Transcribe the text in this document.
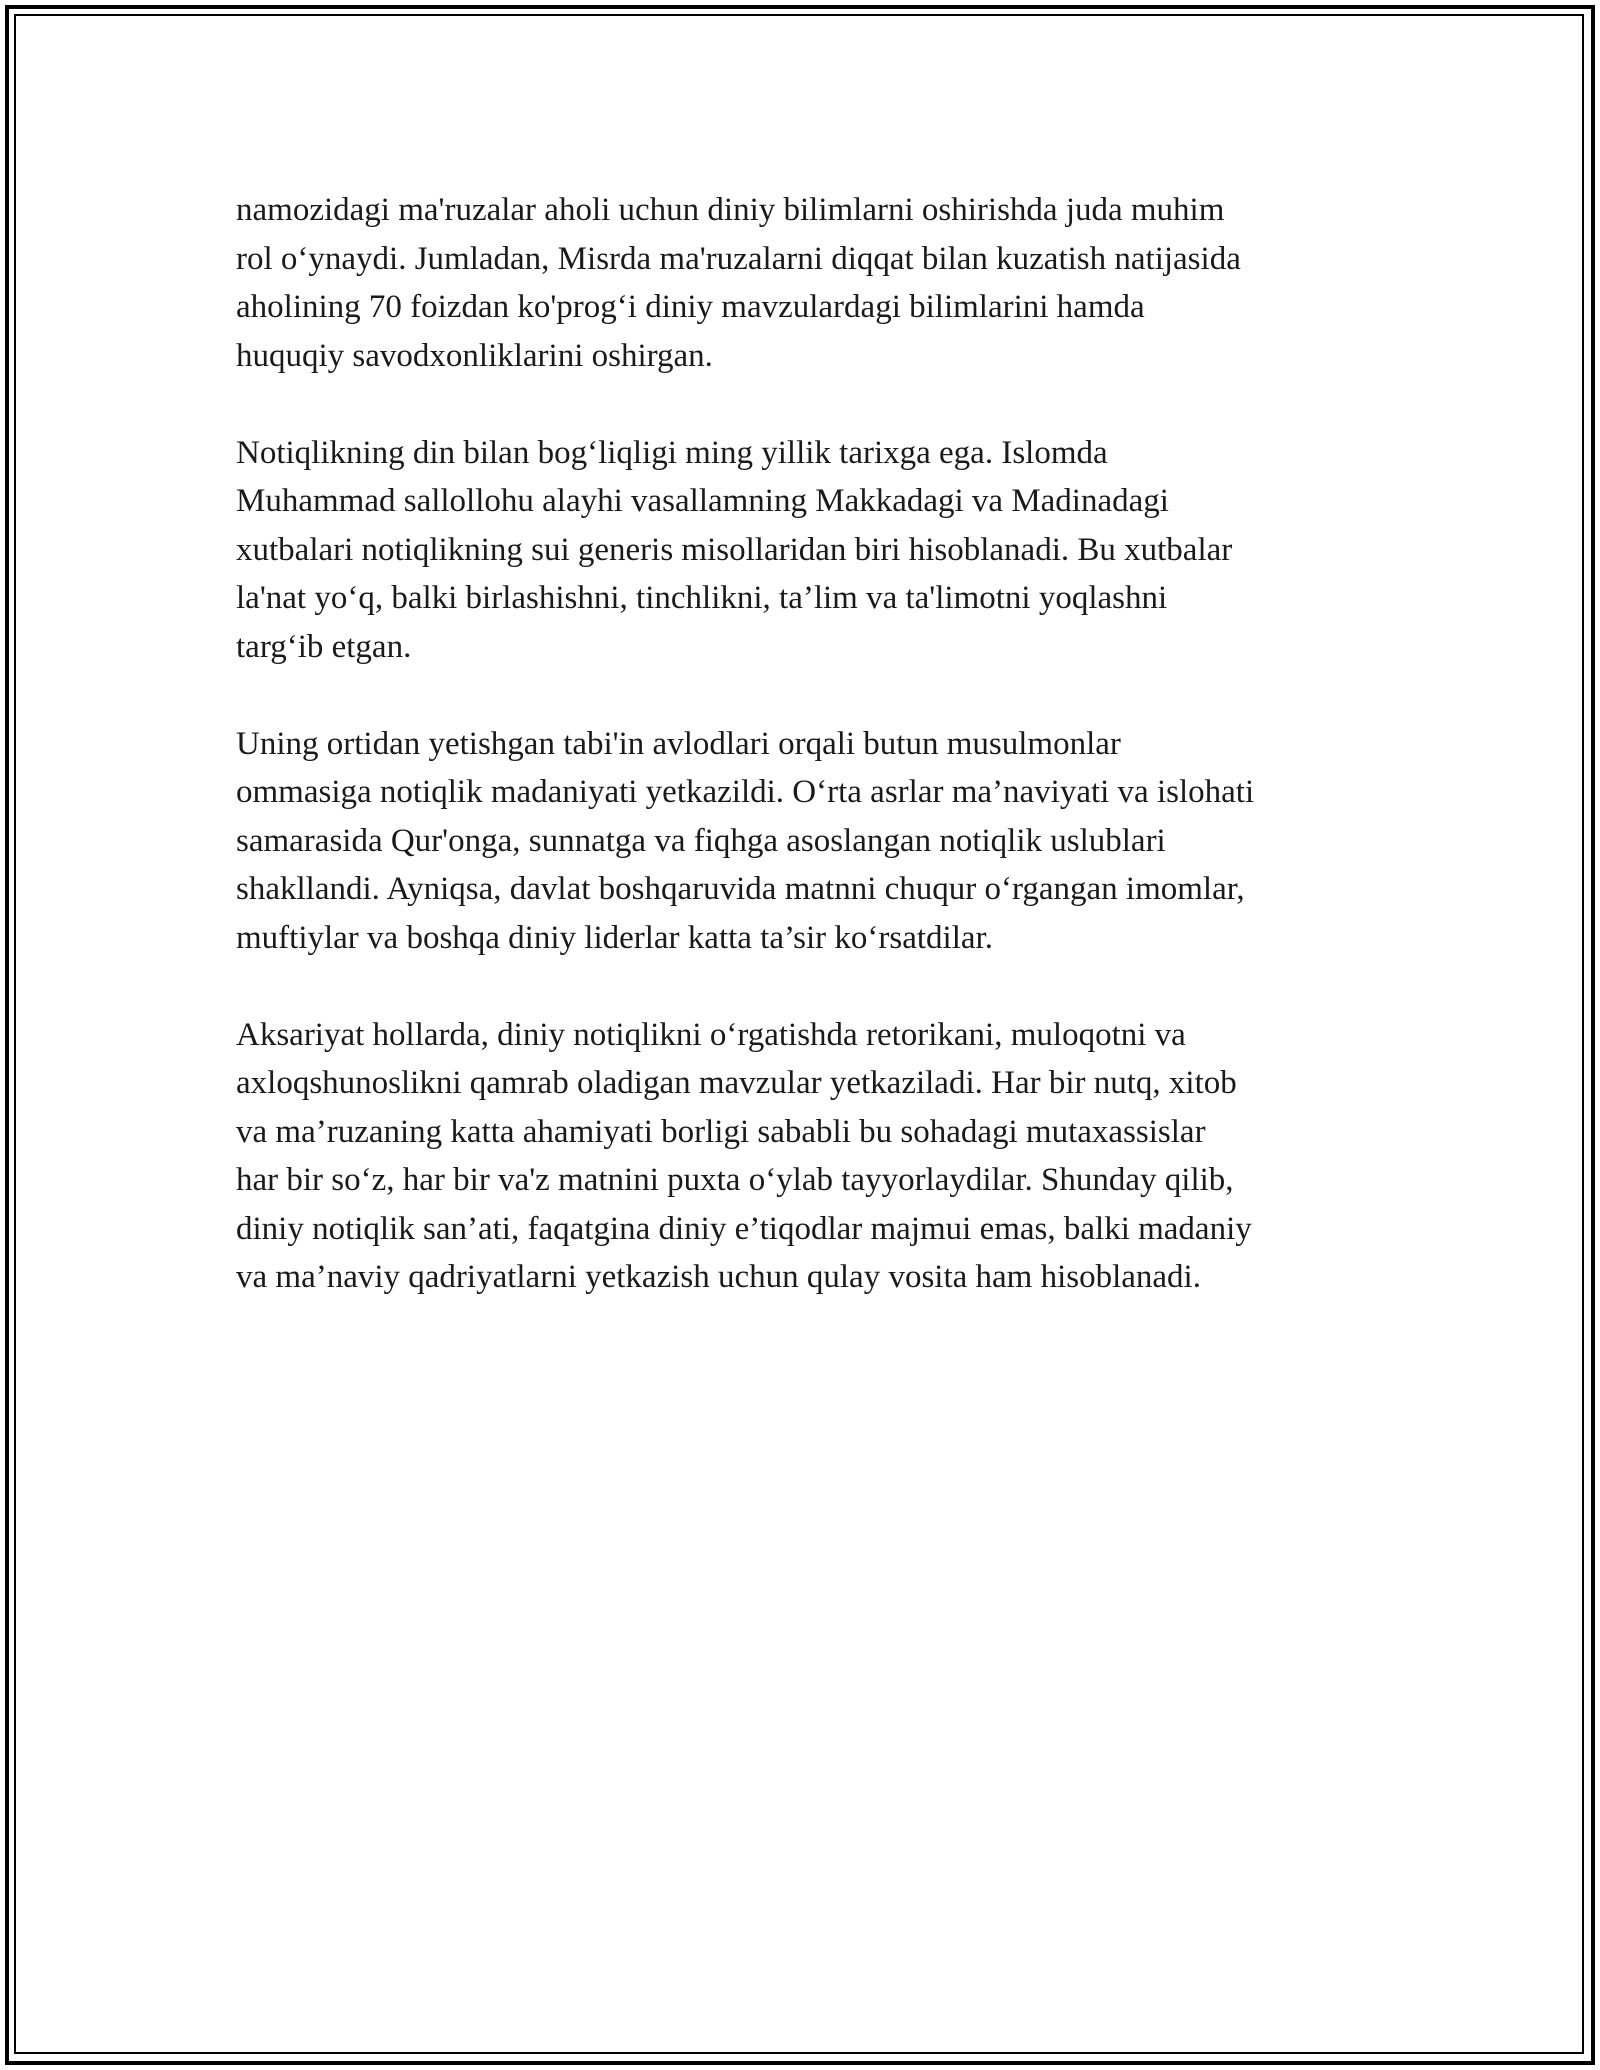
namozidagi ma'ruzalar aholi uchun diniy bilimlarni oshirishda juda muhim
rol o‘ynaydi. Jumladan, Misrda ma'ruzalarni diqqat bilan kuzatish natijasida
aholining 70 foizdan ko'prog‘i diniy mavzulardagi bilimlarini hamda
huquqiy savodxonliklarini oshirgan.

Notiqlikning din bilan bog‘liqligi ming yillik tarixga ega. Islomda
Muhammad sallollohu alayhi vasallamning Makkadagi va Madinadagi
xutbalari notiqlikning sui generis misollaridan biri hisoblanadi. Bu xutbalar
la'nat yo‘q, balki birlashishni, tinchlikni, ta’lim va ta'limotni yoqlashni
targ‘ib etgan.

Uning ortidan yetishgan tabi'in avlodlari orqali butun musulmonlar
ommasiga notiqlik madaniyati yetkazildi. O‘rta asrlar ma’naviyati va islohati
samarasida Qur'onga, sunnatga va fiqhga asoslangan notiqlik uslublari
shakllandi. Ayniqsa, davlat boshqaruvida matnni chuqur o‘rgangan imomlar,
muftiylar va boshqa diniy liderlar katta ta’sir ko‘rsatdilar.

Aksariyat hollarda, diniy notiqlikni o‘rgatishda retorikani, muloqotni va
axloqshunoslikni qamrab oladigan mavzular yetkaziladi. Har bir nutq, xitob
va ma’ruzaning katta ahamiyati borligi sababli bu sohadagi mutaxassislar
har bir so‘z, har bir va'z matnini puxta o‘ylab tayyorlaydilar. Shunday qilib,
diniy notiqlik san’ati, faqatgina diniy e’tiqodlar majmui emas, balki madaniy
va ma’naviy qadriyatlarni yetkazish uchun qulay vosita ham hisoblanadi.
